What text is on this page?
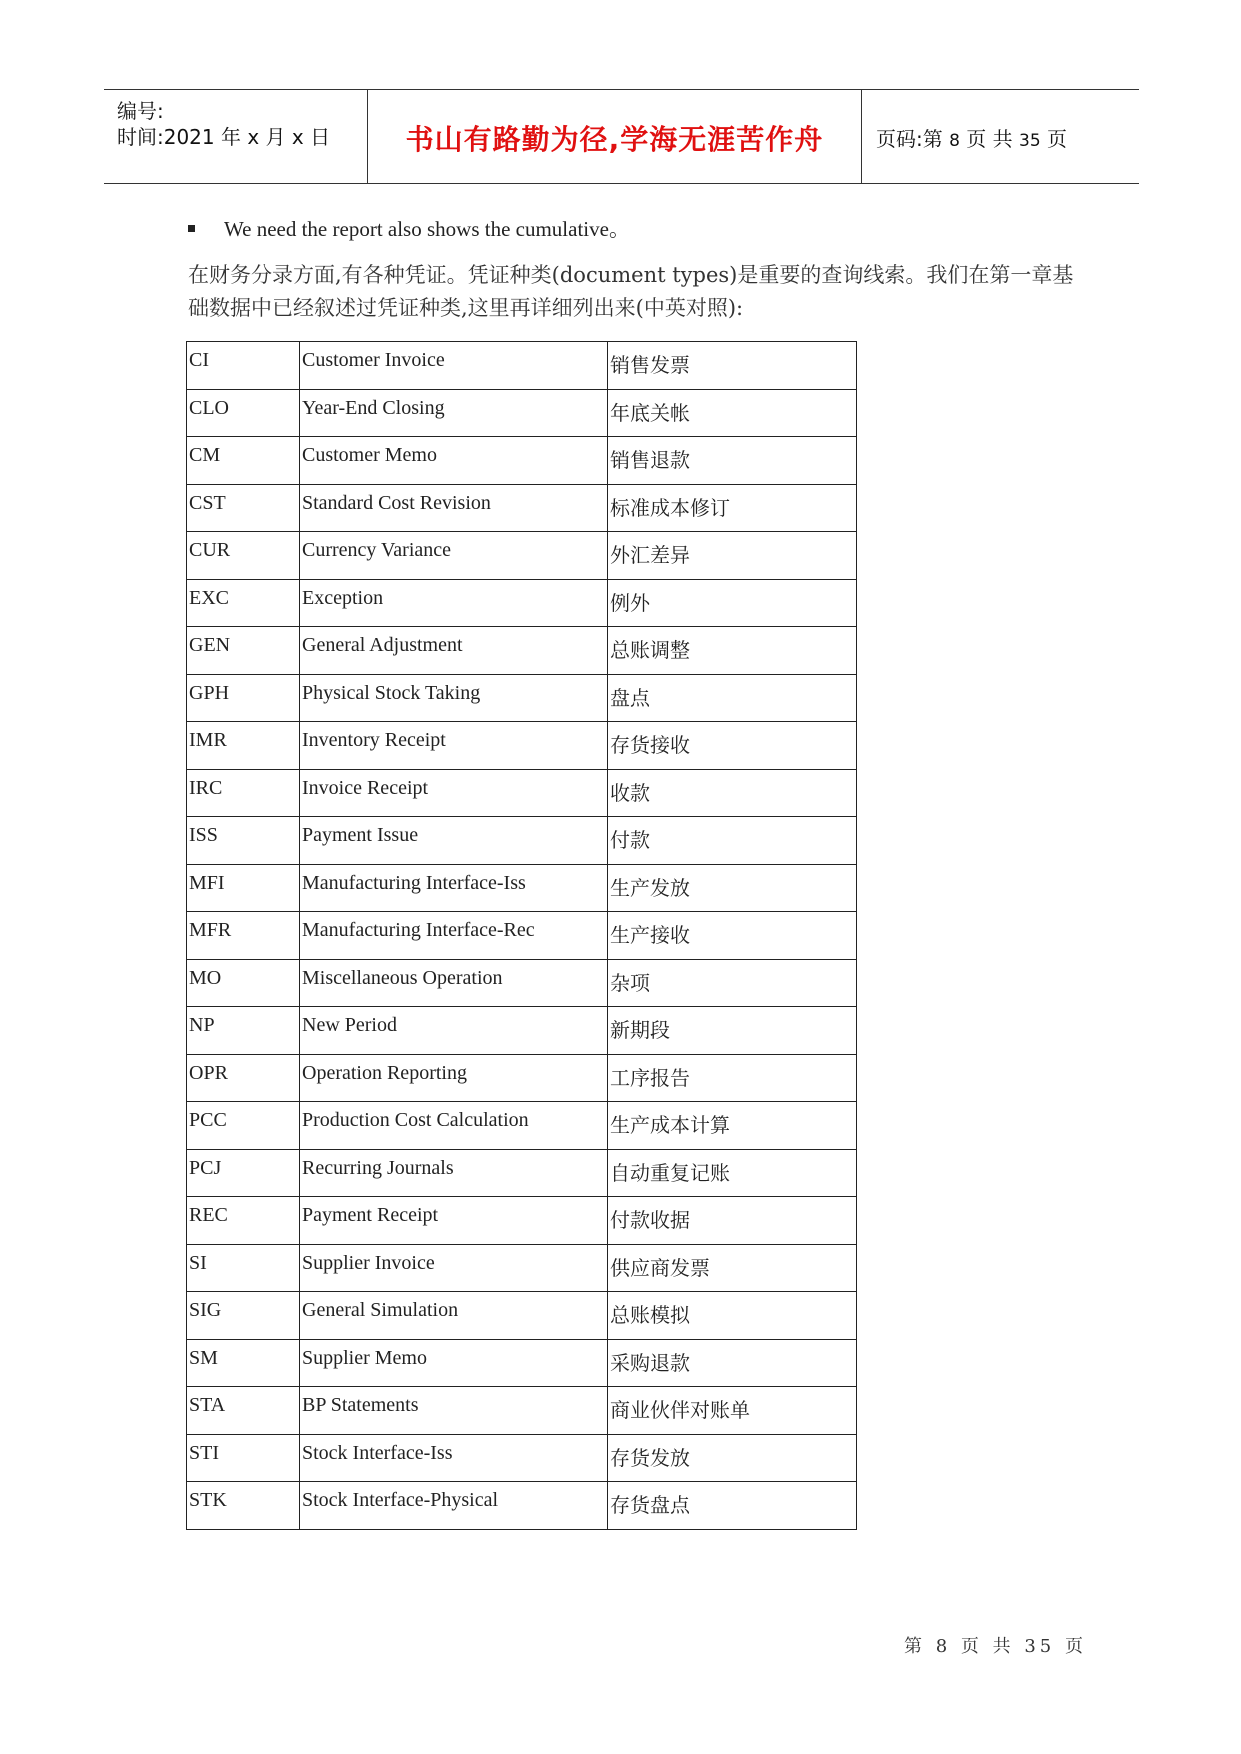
编号:
时间:2021 年 x 月 x 日	书山有路勤为径,学海无涯苦作舟	页码:第 8 页 共 35 页
We need the report also shows the cumulative。
在财务分录方面,有各种凭证。凭证种类(document types)是重要的查询线索。我们在第一章基础数据中已经叙述过凭证种类,这里再详细列出来(中英对照):
CI	Customer Invoice	销售发票
CLO	Year-End Closing	年底关帐
CM	Customer Memo	销售退款
CST	Standard Cost Revision	标准成本修订
CUR	Currency Variance	外汇差异
EXC	Exception	例外
GEN	General Adjustment	总账调整
GPH	Physical Stock Taking	盘点
IMR	Inventory Receipt	存货接收
IRC	Invoice Receipt	收款
ISS	Payment Issue	付款
MFI	Manufacturing Interface-Iss	生产发放
MFR	Manufacturing Interface-Rec	生产接收
MO	Miscellaneous Operation	杂项
NP	New Period	新期段
OPR	Operation Reporting	工序报告
PCC	Production Cost Calculation	生产成本计算
PCJ	Recurring Journals	自动重复记账
REC	Payment Receipt	付款收据
SI	Supplier Invoice	供应商发票
SIG	General Simulation	总账模拟
SM	Supplier Memo	采购退款
STA	BP Statements	商业伙伴对账单
STI	Stock Interface-Iss	存货发放
STK	Stock Interface-Physical	存货盘点
第 8 页 共 35 页
